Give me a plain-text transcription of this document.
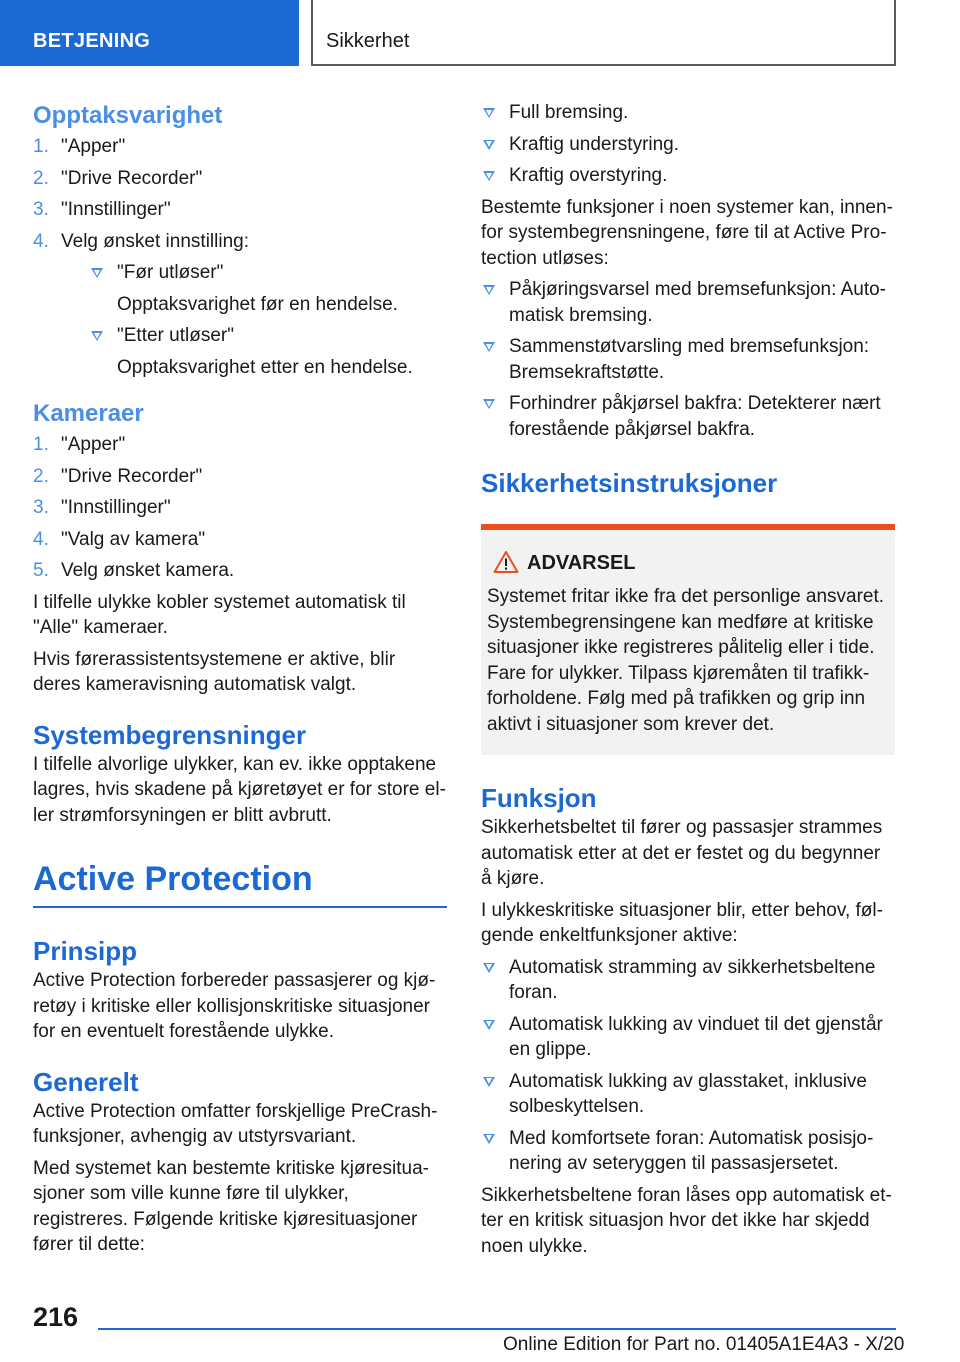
BETJENING	Sikkerhet
Opptaksvarighet
1. "Apper"
2. "Drive Recorder"
3. "Innstillinger"
4. Velg ønsket innstilling:
"Før utløser"
Opptaksvarighet før en hendelse.
"Etter utløser"
Opptaksvarighet etter en hendelse.
Kameraer
1. "Apper"
2. "Drive Recorder"
3. "Innstillinger"
4. "Valg av kamera"
5. Velg ønsket kamera.
I tilfelle ulykke kobler systemet automatisk til "Alle" kameraer.
Hvis førerassistentsystemene er aktive, blir deres kameravisning automatisk valgt.
Systembegrensninger
I tilfelle alvorlige ulykker, kan ev. ikke opptakene lagres, hvis skadene på kjøretøyet er for store eller strømforsyningen er blitt avbrutt.
Active Protection
Prinsipp
Active Protection forbereder passasjerer og kjøretøy i kritiske eller kollisjonskritiske situasjoner for en eventuelt forestående ulykke.
Generelt
Active Protection omfatter forskjellige PreCrash-funksjoner, avhengig av utstyrsvariant.
Med systemet kan bestemte kritiske kjøresituasjoner som ville kunne føre til ulykker, registreres. Følgende kritiske kjøresituasjoner fører til dette:
Full bremsing.
Kraftig understyring.
Kraftig overstyring.
Bestemte funksjoner i noen systemer kan, innenfor systembegrensningene, føre til at Active Protection utløses:
Påkjøringsvarsel med bremsefunksjon: Automatisk bremsing.
Sammenstøtvarsling med bremsefunksjon: Bremsekraftstøtte.
Forhindrer påkjørsel bakfra: Detekterer nært forestående påkjørsel bakfra.
Sikkerhetsinstruksjoner
ADVARSEL
Systemet fritar ikke fra det personlige ansvaret. Systembegrensingene kan medføre at kritiske situasjoner ikke registreres pålitelig eller i tide. Fare for ulykker. Tilpass kjøremåten til trafikkforholdene. Følg med på trafikken og grip inn aktivt i situasjoner som krever det.
Funksjon
Sikkerhetsbeltet til fører og passasjer strammes automatisk etter at det er festet og du begynner å kjøre.
I ulykkeskritiske situasjoner blir, etter behov, følgende enkeltfunksjoner aktive:
Automatisk stramming av sikkerhetsbeltene foran.
Automatisk lukking av vinduet til det gjenstår en glippe.
Automatisk lukking av glasstaket, inklusive solbeskyttelsen.
Med komfortsete foran: Automatisk posisjonering av seteryggen til passasjersetet.
Sikkerhetsbeltene foran låses opp automatisk etter en kritisk situasjon hvor det ikke har skjedd noen ulykke.
216
Online Edition for Part no. 01405A1E4A3 - X/20
